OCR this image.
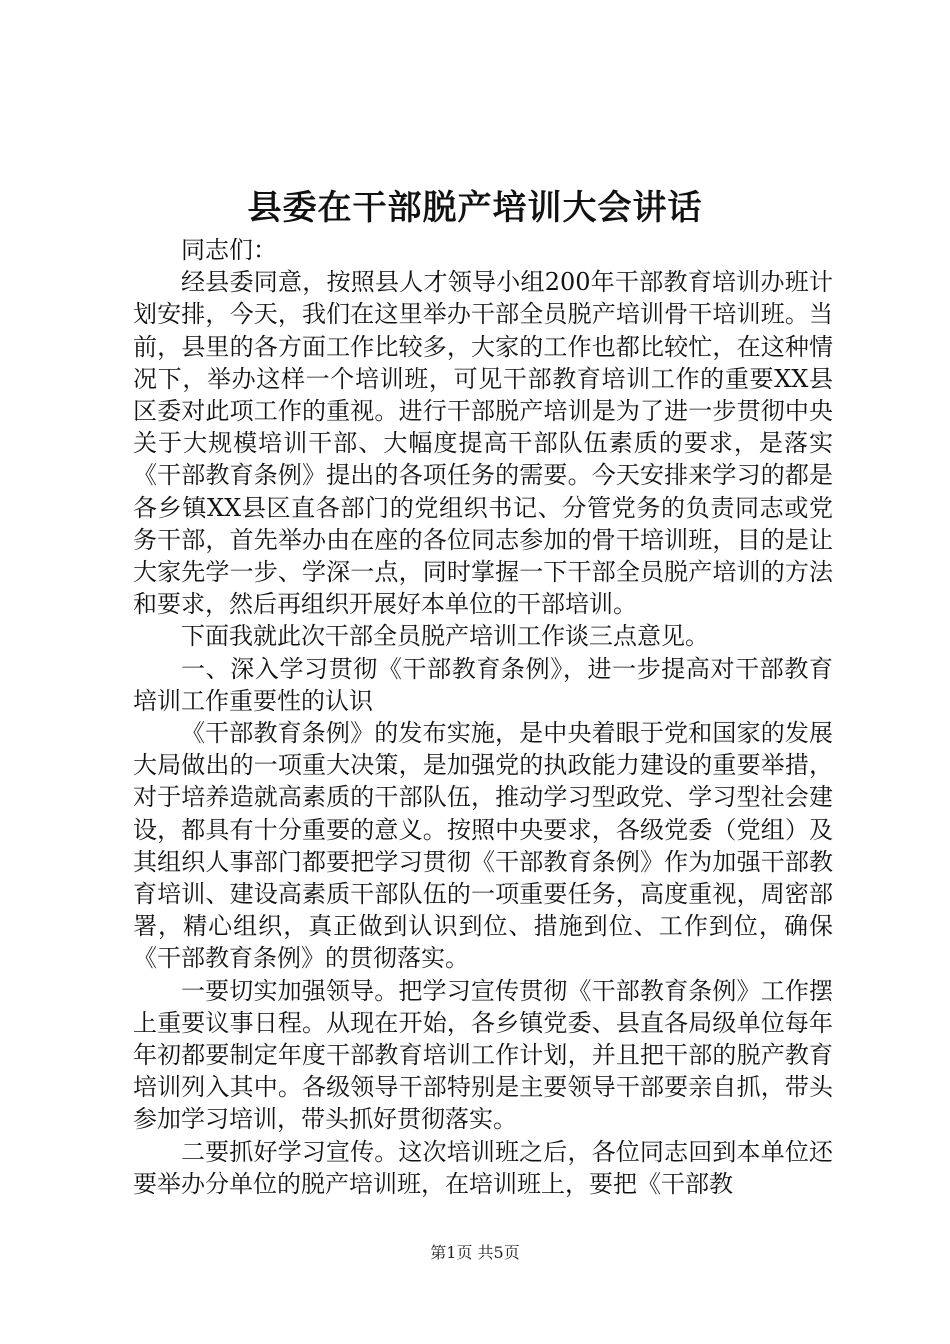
县委在干部脱产培训大会讲话

同志们：

经县委同意，按照县人才领导小组200年干部教育培训办班计划安排，今天，我们在这里举办干部全员脱产培训骨干培训班。当前，县里的各方面工作比较多，大家的工作也都比较忙，在这种情况下，举办这样一个培训班，可见干部教育培训工作的重要XX县区委对此项工作的重视。进行干部脱产培训是为了进一步贯彻中央关于大规模培训干部、大幅度提高干部队伍素质的要求，是落实《干部教育条例》提出的各项任务的需要。今天安排来学习的都是各乡镇XX县区直各部门的党组织书记、分管党务的负责同志或党务干部，首先举办由在座的各位同志参加的骨干培训班，目的是让大家先学一步、学深一点，同时掌握一下干部全员脱产培训的方法和要求，然后再组织开展好本单位的干部培训。

下面我就此次干部全员脱产培训工作谈三点意见。

一、深入学习贯彻《干部教育条例》，进一步提高对干部教育培训工作重要性的认识

《干部教育条例》的发布实施，是中央着眼于党和国家的发展大局做出的一项重大决策，是加强党的执政能力建设的重要举措，对于培养造就高素质的干部队伍，推动学习型政党、学习型社会建设，都具有十分重要的意义。按照中央要求，各级党委（党组）及其组织人事部门都要把学习贯彻《干部教育条例》作为加强干部教育培训、建设高素质干部队伍的一项重要任务，高度重视，周密部署，精心组织，真正做到认识到位、措施到位、工作到位，确保《干部教育条例》的贯彻落实。

一要切实加强领导。把学习宣传贯彻《干部教育条例》工作摆上重要议事日程。从现在开始，各乡镇党委、县直各局级单位每年年初都要制定年度干部教育培训工作计划，并且把干部的脱产教育培训列入其中。各级领导干部特别是主要领导干部要亲自抓，带头参加学习培训，带头抓好贯彻落实。

二要抓好学习宣传。这次培训班之后，各位同志回到本单位还要举办分单位的脱产培训班，在培训班上，要把《干部教

第1页 共5页
